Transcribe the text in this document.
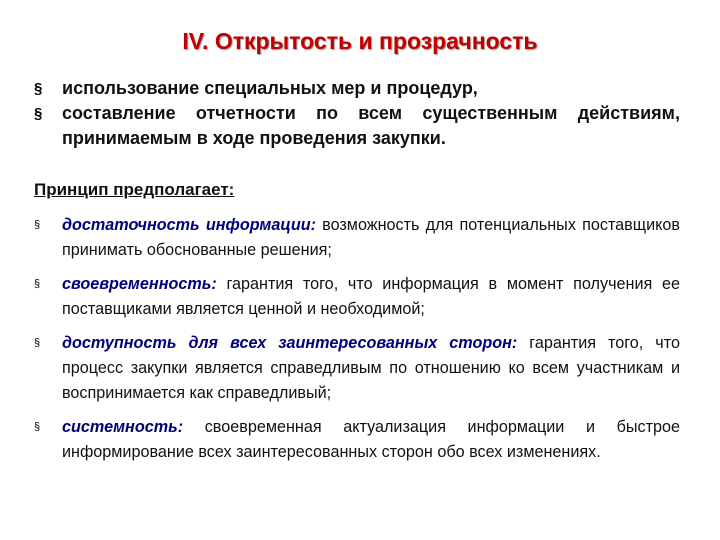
IV. Открытость и прозрачность
§ использование специальных мер и процедур,
§ составление отчетности по всем существенным действиям, принимаемым в ходе проведения закупки.
Принцип предполагает:
§ достаточность информации: возможность для потенциальных поставщиков принимать обоснованные решения;
§ своевременность: гарантия того, что информация в момент получения ее поставщиками является ценной и необходимой;
§ доступность для всех заинтересованных сторон: гарантия того, что процесс закупки является справедливым по отношению ко всем участникам и воспринимается как справедливый;
§ системность: своевременная актуализация информации и быстрое информирование всех заинтересованных сторон обо всех изменениях.
